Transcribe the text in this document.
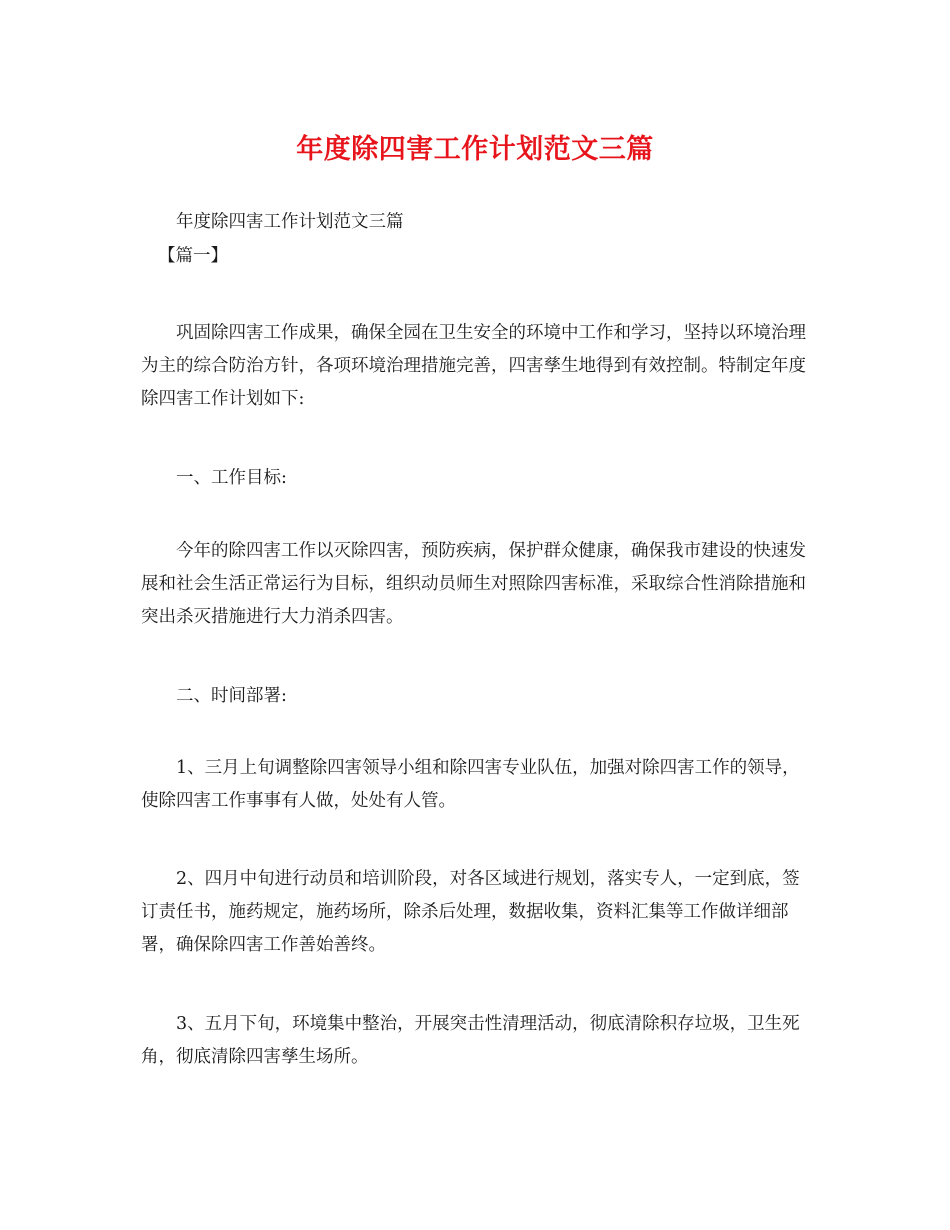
年度除四害工作计划范文三篇

年度除四害工作计划范文三篇

【篇一】

巩固除四害工作成果，确保全园在卫生安全的环境中工作和学习，坚持以环境治理为主的综合防治方针，各项环境治理措施完善，四害孳生地得到有效控制。特制定年度除四害工作计划如下:

一、工作目标:

今年的除四害工作以灭除四害，预防疾病，保护群众健康，确保我市建设的快速发展和社会生活正常运行为目标，组织动员师生对照除四害标准，采取综合性消除措施和突出杀灭措施进行大力消杀四害。

二、时间部署:

1、三月上旬调整除四害领导小组和除四害专业队伍，加强对除四害工作的领导，使除四害工作事事有人做，处处有人管。

2、四月中旬进行动员和培训阶段，对各区域进行规划，落实专人，一定到底，签订责任书，施药规定，施药场所，除杀后处理，数据收集，资料汇集等工作做详细部署，确保除四害工作善始善终。

3、五月下旬，环境集中整治，开展突击性清理活动，彻底清除积存垃圾，卫生死角，彻底清除四害孳生场所。
